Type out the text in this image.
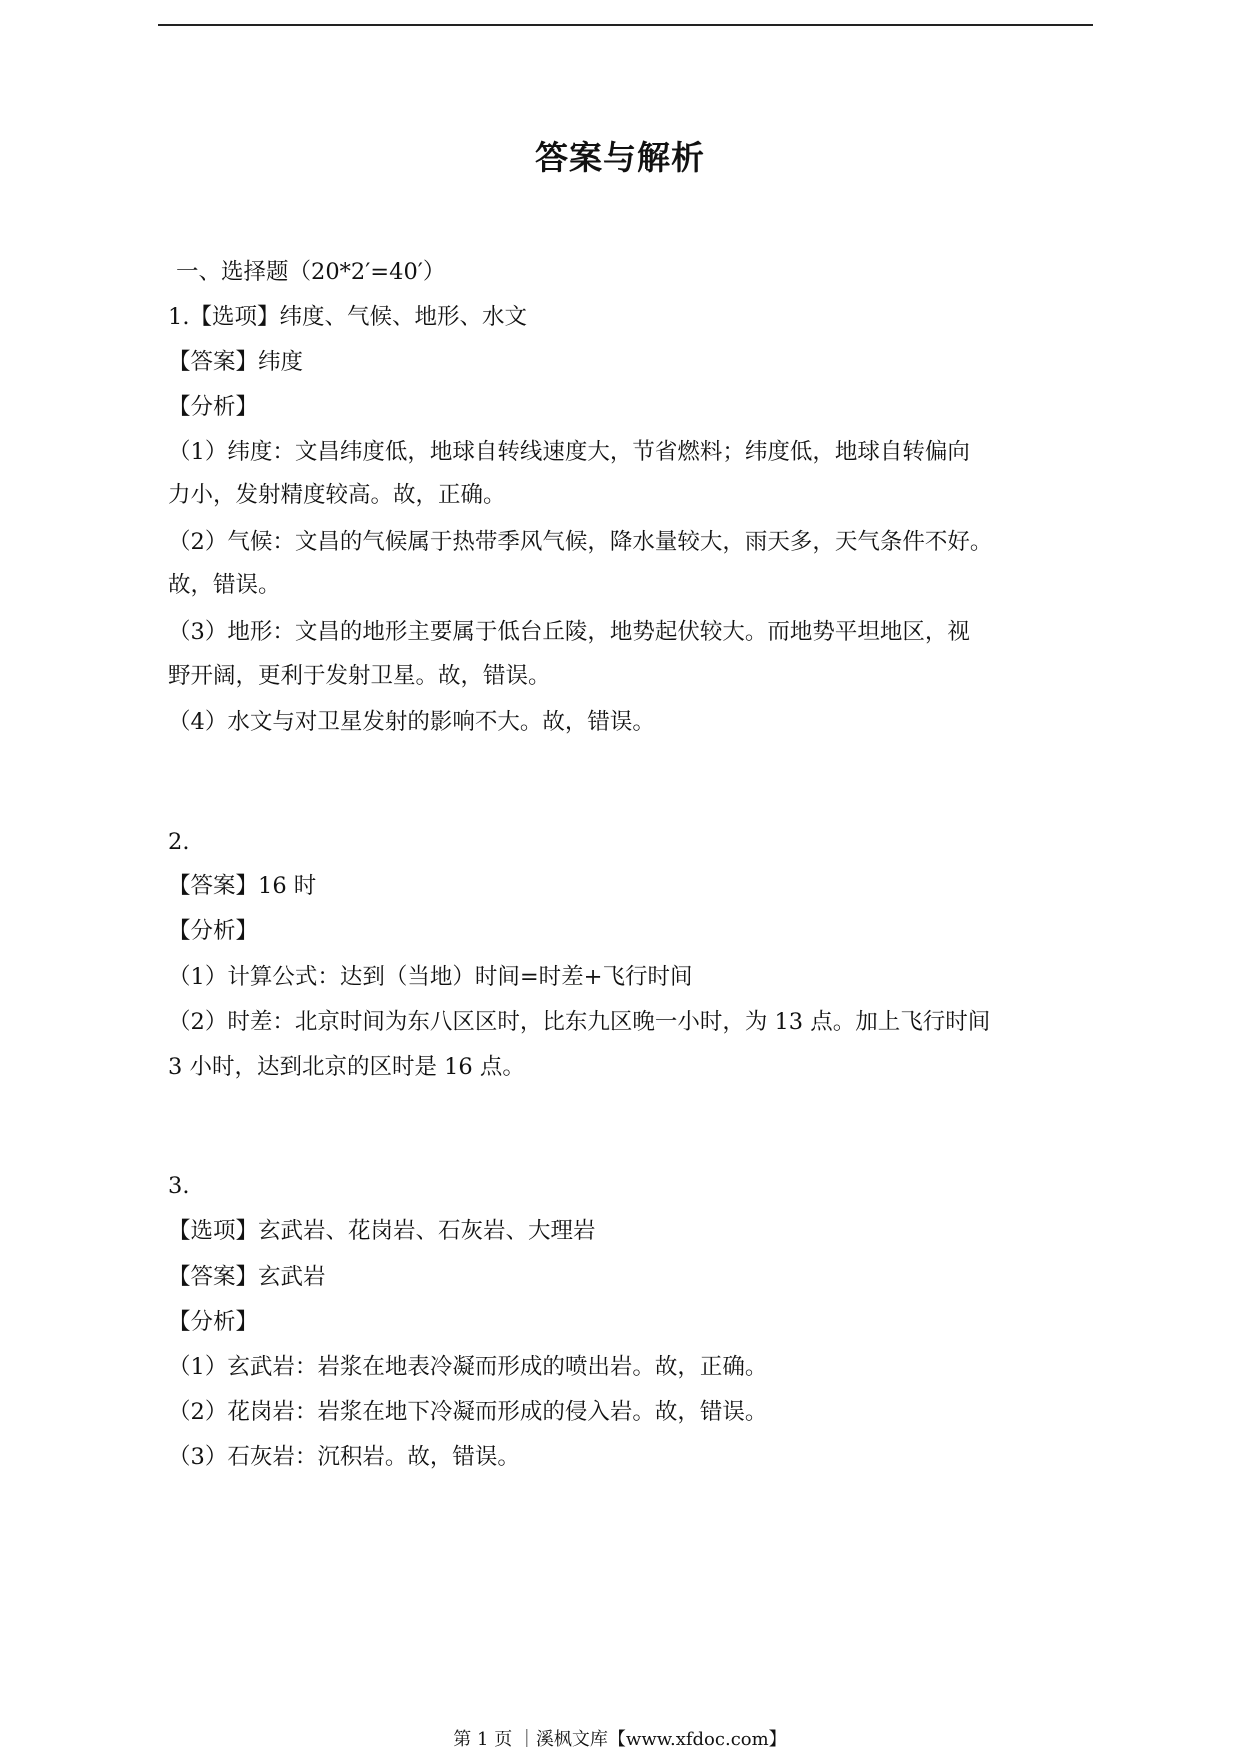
答案与解析
一、选择题（20*2′=40′）
1.【选项】纬度、气候、地形、水文
【答案】纬度
【分析】
（1）纬度：文昌纬度低，地球自转线速度大，节省燃料；纬度低，地球自转偏向
力小，发射精度较高。故，正确。
（2）气候：文昌的气候属于热带季风气候，降水量较大，雨天多，天气条件不好。
故，错误。
（3）地形：文昌的地形主要属于低台丘陵，地势起伏较大。而地势平坦地区，视
野开阔，更利于发射卫星。故，错误。
（4）水文与对卫星发射的影响不大。故，错误。
2.
【答案】16 时
【分析】
（1）计算公式：达到（当地）时间=时差+飞行时间
（2）时差：北京时间为东八区区时，比东九区晚一小时，为 13 点。加上飞行时间
3 小时，达到北京的区时是 16 点。
3.
【选项】玄武岩、花岗岩、石灰岩、大理岩
【答案】玄武岩
【分析】
（1）玄武岩：岩浆在地表冷凝而形成的喷出岩。故，正确。
（2）花岗岩：岩浆在地下冷凝而形成的侵入岩。故，错误。
（3）石灰岩：沉积岩。故，错误。
第 1 页 ｜溪枫文库【www.xfdoc.com】
